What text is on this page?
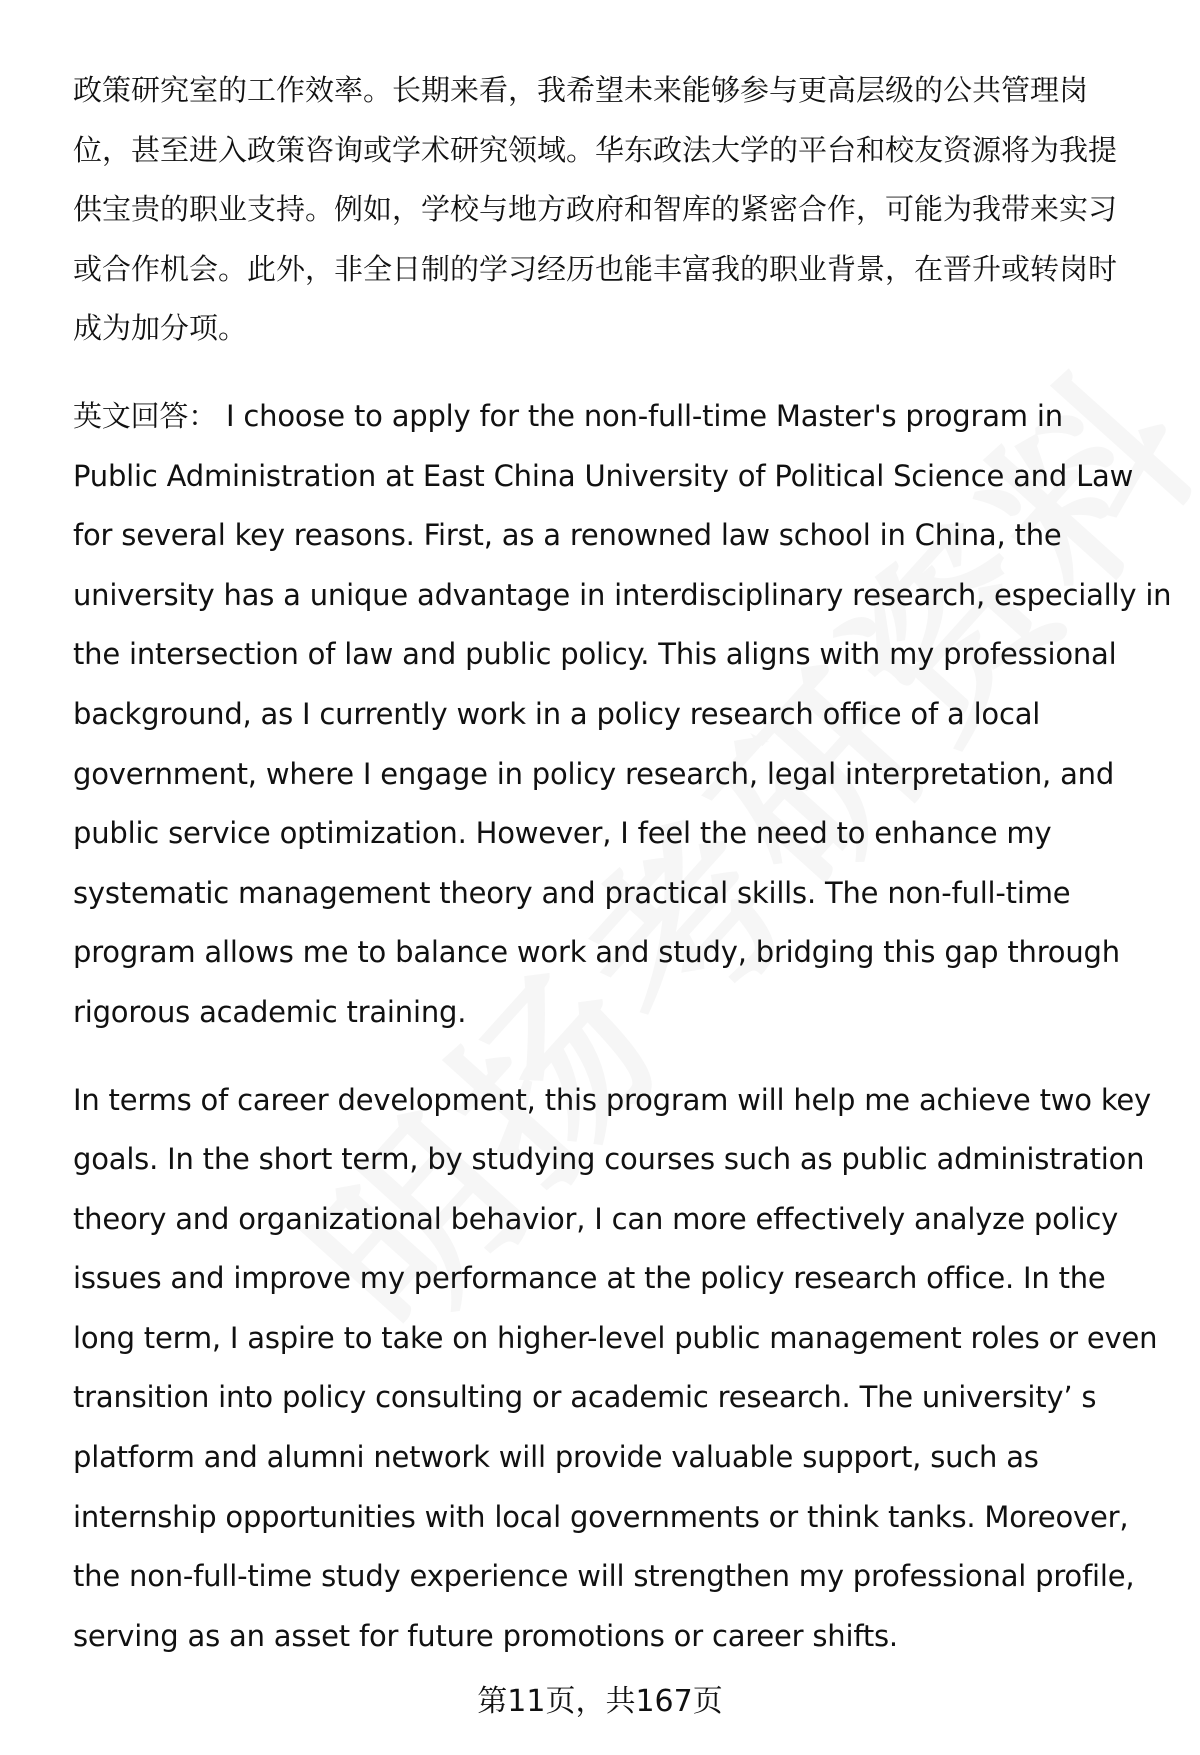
政策研究室的工作效率。长期来看，我希望未来能够参与更高层级的公共管理岗
位，甚至进入政策咨询或学术研究领域。华东政法大学的平台和校友资源将为我提
供宝贵的职业支持。例如，学校与地方政府和智库的紧密合作，可能为我带来实习
或合作机会。此外，非全日制的学习经历也能丰富我的职业背景，在晋升或转岗时
成为加分项。
英文回答： I choose to apply for the non-full-time Master's program in
Public Administration at East China University of Political Science and Law
for several key reasons. First, as a renowned law school in China, the
university has a unique advantage in interdisciplinary research, especially in
the intersection of law and public policy. This aligns with my professional
background, as I currently work in a policy research office of a local
government, where I engage in policy research, legal interpretation, and
public service optimization. However, I feel the need to enhance my
systematic management theory and practical skills. The non-full-time
program allows me to balance work and study, bridging this gap through
rigorous academic training.
In terms of career development, this program will help me achieve two key
goals. In the short term, by studying courses such as public administration
theory and organizational behavior, I can more effectively analyze policy
issues and improve my performance at the policy research office. In the
long term, I aspire to take on higher-level public management roles or even
transition into policy consulting or academic research. The university’ s
platform and alumni network will provide valuable support, such as
internship opportunities with local governments or think tanks. Moreover,
the non-full-time study experience will strengthen my professional profile,
serving as an asset for future promotions or career shifts.
第11页，共167页
